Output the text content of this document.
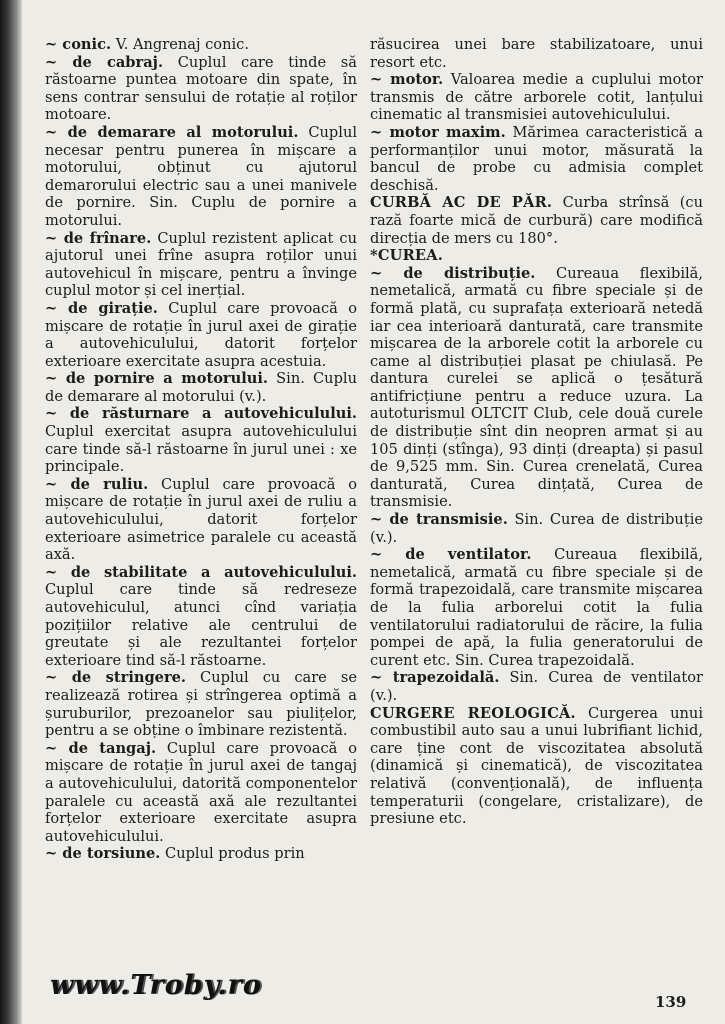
~ conic. V. Angrenaj conic.

~ de cabraj. Cuplul care tinde să răstoarne puntea motoare din spate, în sens contrar sensului de rotație al roților motoare.

~ de demarare al motorului. Cuplul necesar pentru punerea în mișcare a motorului, obținut cu ajutorul demarorului electric sau a unei manivele de pornire. Sin. Cuplu de pornire a motorului.

~ de frînare. Cuplul rezistent aplicat cu ajutorul unei frîne asupra roților unui autovehicul în mișcare, pentru a învinge cuplul motor și cel inerțial.

~ de girație. Cuplul care provoacă o mișcare de rotație în jurul axei de girație a autovehiculului, datorit forțelor exterioare exercitate asupra acestuia.

~ de pornire a motorului. Sin. Cuplu de demarare al motorului (v.).

~ de răsturnare a autovehiculului. Cuplul exercitat asupra autovehiculului care tinde să-l răstoarne în jurul unei : xe principale.

~ de ruliu. Cuplul care provoacă o mișcare de rotație în jurul axei de ruliu a autovehiculului, datorit forțelor exterioare asimetrice paralele cu această axă.

~ de stabilitate a autovehiculului. Cuplul care tinde să redreseze autovehiculul, atunci cînd variația pozițiilor relative ale centrului de greutate și ale rezultantei forțelor exterioare tind să-l răstoarne.

~ de stringere. Cuplul cu care se realizează rotirea și strîngerea optimă a șuruburilor, prezoanelor sau piulițelor, pentru a se obține o îmbinare rezistentă.

~ de tangaj. Cuplul care provoacă o mișcare de rotație în jurul axei de tangaj a autovehiculului, datorită componentelor paralele cu această axă ale rezultantei forțelor exterioare exercitate asupra autovehiculului.

~ de torsiune. Cuplul produs prin

răsucirea unei bare stabilizatoare, unui resort etc.

~ motor. Valoarea medie a cuplului motor transmis de către arborele cotit, lanțului cinematic al transmisiei autovehiculului.

~ motor maxim. Mărimea caracteristică a performanților unui motor, măsurată la bancul de probe cu admisia complet deschisă.

CURBĂ AC DE PĂR. Curba strînsă (cu rază foarte mică de curbură) care modifică direcția de mers cu 180°.

*CUREA.

~ de distribuție. Cureaua flexibilă, nemetalică, armată cu fibre speciale și de formă plată, cu suprafața exterioară netedă iar cea interioară danturată, care transmite mișcarea de la arborele cotit la arborele cu came al distribuției plasat pe chiulasă. Pe dantura curelei se aplică o țesătură antifricțiune pentru a reduce uzura. La autoturismul OLTCIT Club, cele două curele de distribuție sînt din neopren armat și au 105 dinți (stînga), 93 dinți (dreapta) și pasul de 9,525 mm. Sin. Curea crenelată, Curea danturată, Curea dințată, Curea de transmisie.

~ de transmisie. Sin. Curea de distribuție (v.).

~ de ventilator. Cureaua flexibilă, nemetalică, armată cu fibre speciale și de formă trapezoidală, care transmite mișcarea de la fulia arborelui cotit la fulia ventilatorului radiatorului de răcire, la fulia pompei de apă, la fulia generatorului de curent etc. Sin. Curea trapezoidală.

~ trapezoidală. Sin. Curea de ventilator (v.).

CURGERE REOLOGICĂ. Curgerea unui combustibil auto sau a unui lubrifiant lichid, care ține cont de viscozitatea absolută (dinamică și cinematică), de viscozitatea relativă (convențională), de influența temperaturii (congelare, cristalizare), de presiune etc.

www.Troby.ro
139
